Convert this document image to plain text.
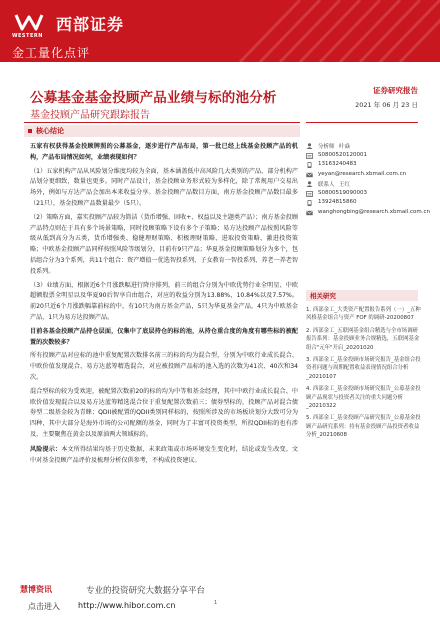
WESTERN
西部证券
金工量化点评
公募基金基金投顾产品业绩与标的池分析
基金投顾产品研究跟踪报告
证券研究报告
2021 年 06 月 23 日
核心结论

五家有权获得基金投顾牌照的公募基金，逐步进行产品布局，第一批已经上线基金投顾产品的机构，产品布局情况如何，业绩表现如何？

（1）五家机构产品从风险划分维度均较为全面，基本涵盖低中高风险几大类别的产品，部分机构产品划分更细致，数量也更多。同时产品设计，基金投顾业务形式较为多样化，除了常规用户交易出场外，例如与方达产品会加出本来收益分享。基金投顾产品数目方面，南方基金投顾产品数目最多（21只），基金投顾产品数量最少（5只）。

（2）策略方面，嘉实投顾产品较为简洁（货币增强、固收+、权益以及主题类产品）；南方基金投顾产品特点则在于具有多个场景策略，同时投顾策略下设有多个子策略；易方达投顾产品按照风险等级从低到高分为五类，货币增强类、稳健理财策略、积极理财策略、进取投资策略、激进投资策略；中欧基金投顾产品同样按照风险等级划分，目前有9只产品；华夏基金投顾策略划分为多个，包括组合分为3个系列，共11个组合：资产增值一优选智投系列、子女教育一智投系列、养老一养老智投系列。

（3）业绩方面，根据近6个月涨跌幅进行降序排列，前三的组合分别为中欧优势行业全明星、中欧超额股票全明星以及华夏90后智享自由组合，对应的收益分别为13.88%、10.84%以及7.57%。前20只近6个月涨跌幅靠前标的中，有10只为南方基金产品，5只为华夏基金产品，4只为中欧基金产品，1只为易方达投顾产品。

目前各基金投顾产品持仓层面，仅集中了底层持仓的标的池，从持仓重合度的角度有哪些标的被配置的次数较多？

所有投顾产品对应标的池中重复配置次数排名前三的标的均为混合型，分别为中欧行业成长混合、中欧价值发现混合、易方达蓝筹精选混合，对应被投顾产品标的池入选的次数为41次、40次和34次。

混合型标的较为受欢迎，被配置次数前20的标的均为中等和基金经理，其中中欧行业成长混合、中欧价值发现混合以及易方达蓝筹精选混合位于重复配置次数前三；债券型标的，投顾产品对混合债券型二级基金较为青睐；QDII被配置的QDII类别同样标的，按照所涉及的市场板块划分大致可分为四种，其中大部分是海外市场的公司配额的基金，同时为了丰富可投资类型，所投QDII标的也有涉及，主要聚焦在黄金以及原油两大领域标的。

风险提示：本文所得结果均基于历史数据，未来政策或市场环境发生变化时，结论或发生改变。文中对基金投顾产品评价及梳理分析仅供参考，不构成投资建议。

分析师 叶焱
S0800520120001
13163240483
yeyan@research.xbmail.com.cn
联系人 王红
S0800519090003
13924815860
wanghongbing@research.xbmail.com.cn
相关研究
1. 西部金工_大类资产配置报告系列（一）_五种风格基金组合与资产 FOF 的调研-20200807
2. 西部金工_五联网基金组合精选与全市场调研报告系列：基金投顾业务合规精选，五联网基金组合"元年"开启_20201020
3. 西部金工_基金投顾市场研究报告_基金组合投资者问题与周期配置收益表现情况组合分析_20210107
4. 西部金工_基金投顾市场研究报告_公募基金投顾产品现状与投资者关注的重大问题分析_20210322
5. 西部金工_基金投顾产品研究报告_公募基金投顾产品研究系列：持有基金投顾产品投资者收益分析_20210608
慧博资讯	专业的投资研究大数据分享平台
点击进入 http://www.hibor.com.cn	1
